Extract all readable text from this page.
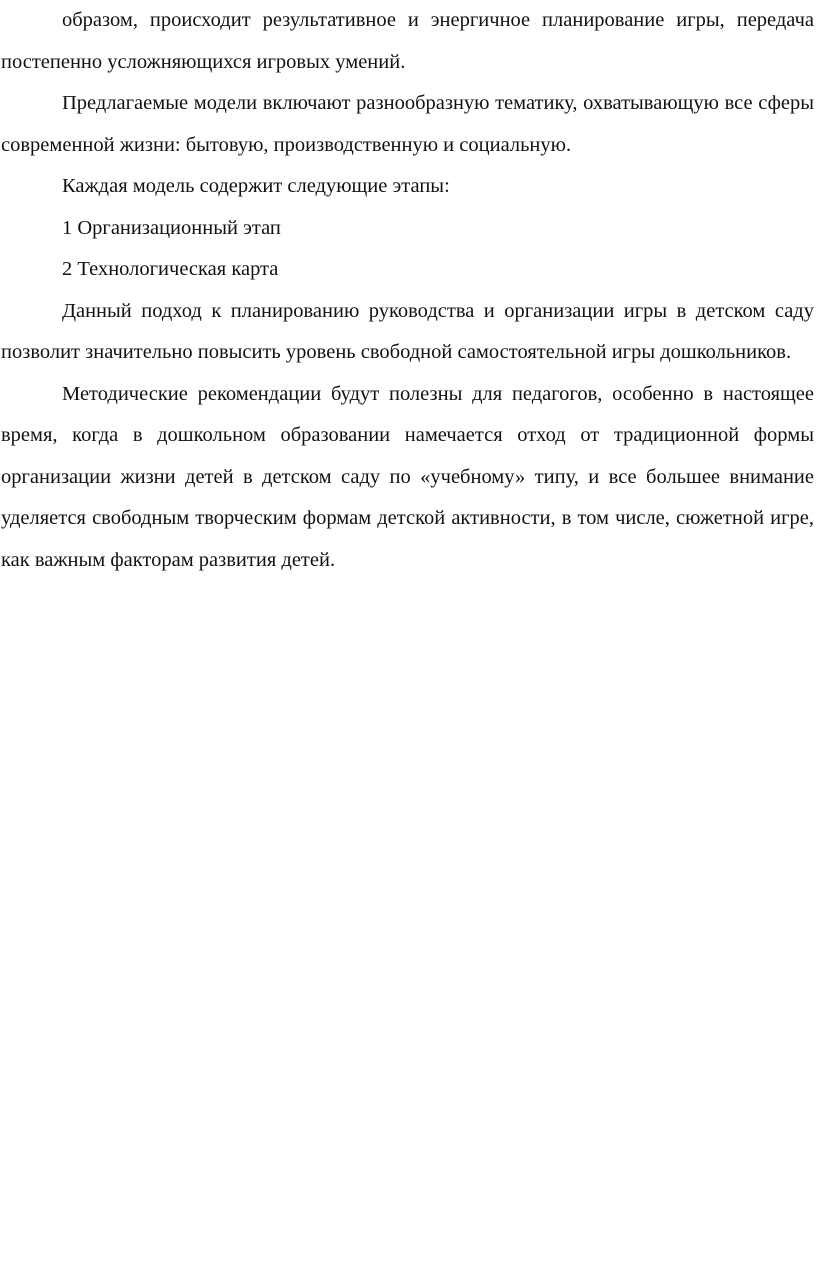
образом, происходит результативное и энергичное планирование игры, передача постепенно усложняющихся игровых умений.

Предлагаемые модели включают разнообразную тематику, охватывающую все сферы современной жизни: бытовую, производственную и социальную.

Каждая модель содержит следующие этапы:

1 Организационный этап

2 Технологическая карта

Данный подход к планированию руководства и организации игры в детском саду позволит значительно повысить уровень свободной самостоятельной игры дошкольников.

Методические рекомендации будут полезны для педагогов, особенно в настоящее время, когда в дошкольном образовании намечается отход от традиционной формы организации жизни детей в детском саду по «учебному» типу, и все большее внимание уделяется свободным творческим формам детской активности, в том числе, сюжетной игре, как важным факторам развития детей.
